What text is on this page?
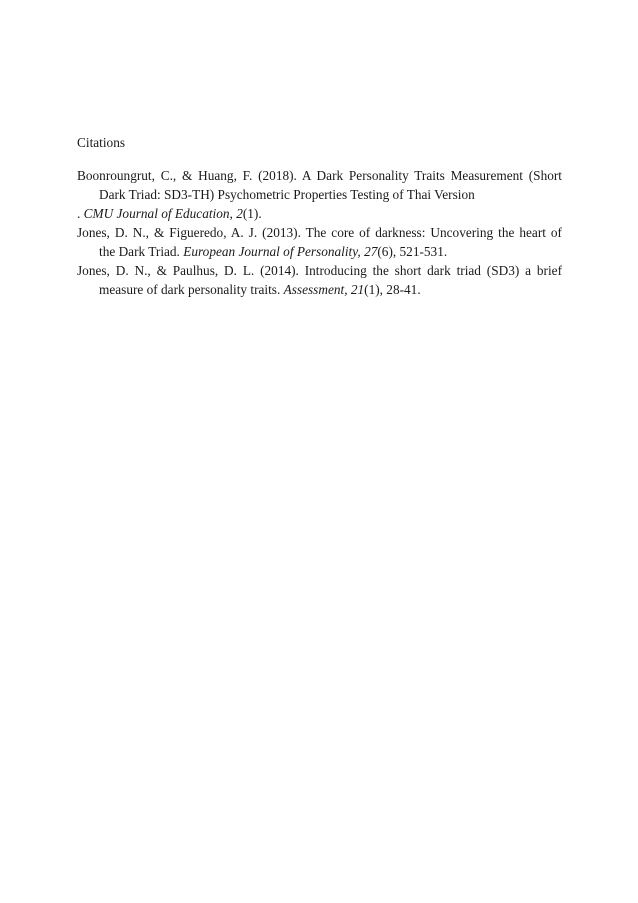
Citations
Boonroungrut, C., & Huang, F. (2018). A Dark Personality Traits Measurement (Short
Dark Triad: SD3-TH) Psychometric Properties Testing of Thai Version
. CMU Journal of Education, 2(1).
Jones, D. N., & Figueredo, A. J. (2013). The core of darkness: Uncovering the heart of
the Dark Triad. European Journal of Personality, 27(6), 521-531.
Jones, D. N., & Paulhus, D. L. (2014). Introducing the short dark triad (SD3) a brief
measure of dark personality traits. Assessment, 21(1), 28-41.
